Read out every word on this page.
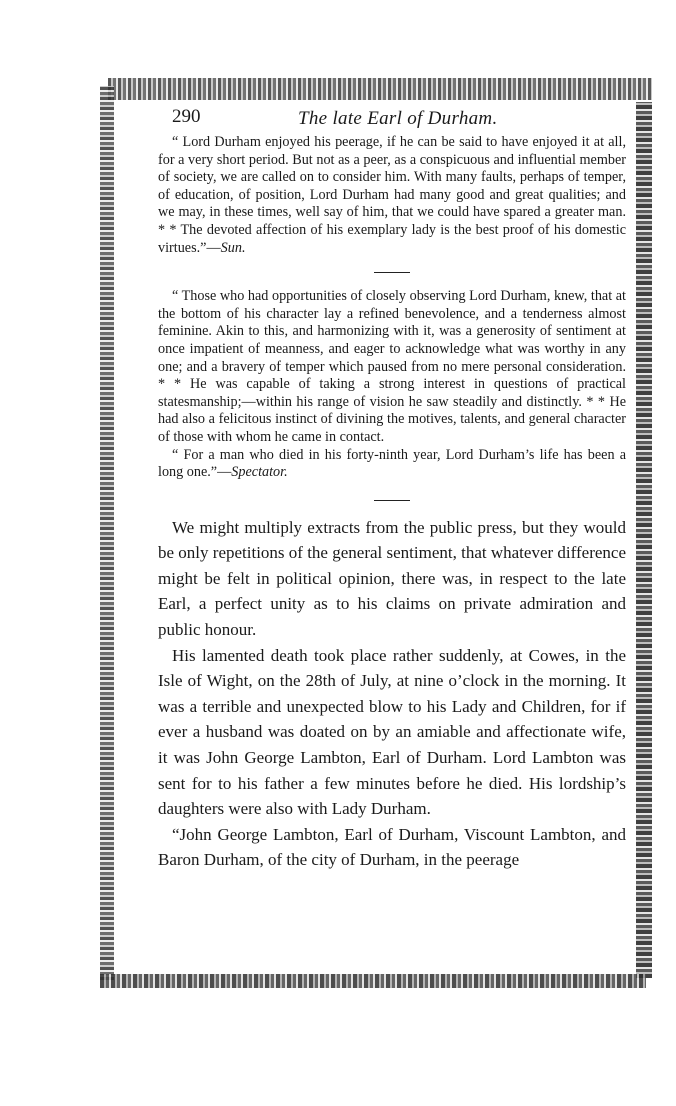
290	The late Earl of Durham.

“ Lord Durham enjoyed his peerage, if he can be said to have enjoyed it at all, for a very short period. But not as a peer, as a conspicuous and influential member of society, we are called on to consider him. With many faults, perhaps of temper, of education, of position, Lord Durham had many good and great qualities; and we may, in these times, well say of him, that we could have spared a greater man. * * The devoted affection of his exemplary lady is the best proof of his domestic virtues.”—Sun.

“ Those who had opportunities of closely observing Lord Durham, knew, that at the bottom of his character lay a refined benevolence, and a tenderness almost feminine. Akin to this, and harmonizing with it, was a generosity of sentiment at once impatient of meanness, and eager to acknowledge what was worthy in any one; and a bravery of temper which paused from no mere personal consideration. * * He was capable of taking a strong interest in questions of practical statesmanship;—within his range of vision he saw steadily and distinctly. * * He had also a felicitous instinct of divining the motives, talents, and general character of those with whom he came in contact.

“ For a man who died in his forty-ninth year, Lord Durham’s life has been a long one.”—Spectator.

We might multiply extracts from the public press, but they would be only repetitions of the general sentiment, that whatever difference might be felt in political opinion, there was, in respect to the late Earl, a perfect unity as to his claims on private admiration and public honour.

His lamented death took place rather suddenly, at Cowes, in the Isle of Wight, on the 28th of July, at nine o’clock in the morning. It was a terrible and unexpected blow to his Lady and Children, for if ever a husband was doated on by an amiable and affectionate wife, it was John George Lambton, Earl of Durham. Lord Lambton was sent for to his father a few minutes before he died. His lordship’s daughters were also with Lady Durham.

“John George Lambton, Earl of Durham, Viscount Lambton, and Baron Durham, of the city of Durham, in the peerage
